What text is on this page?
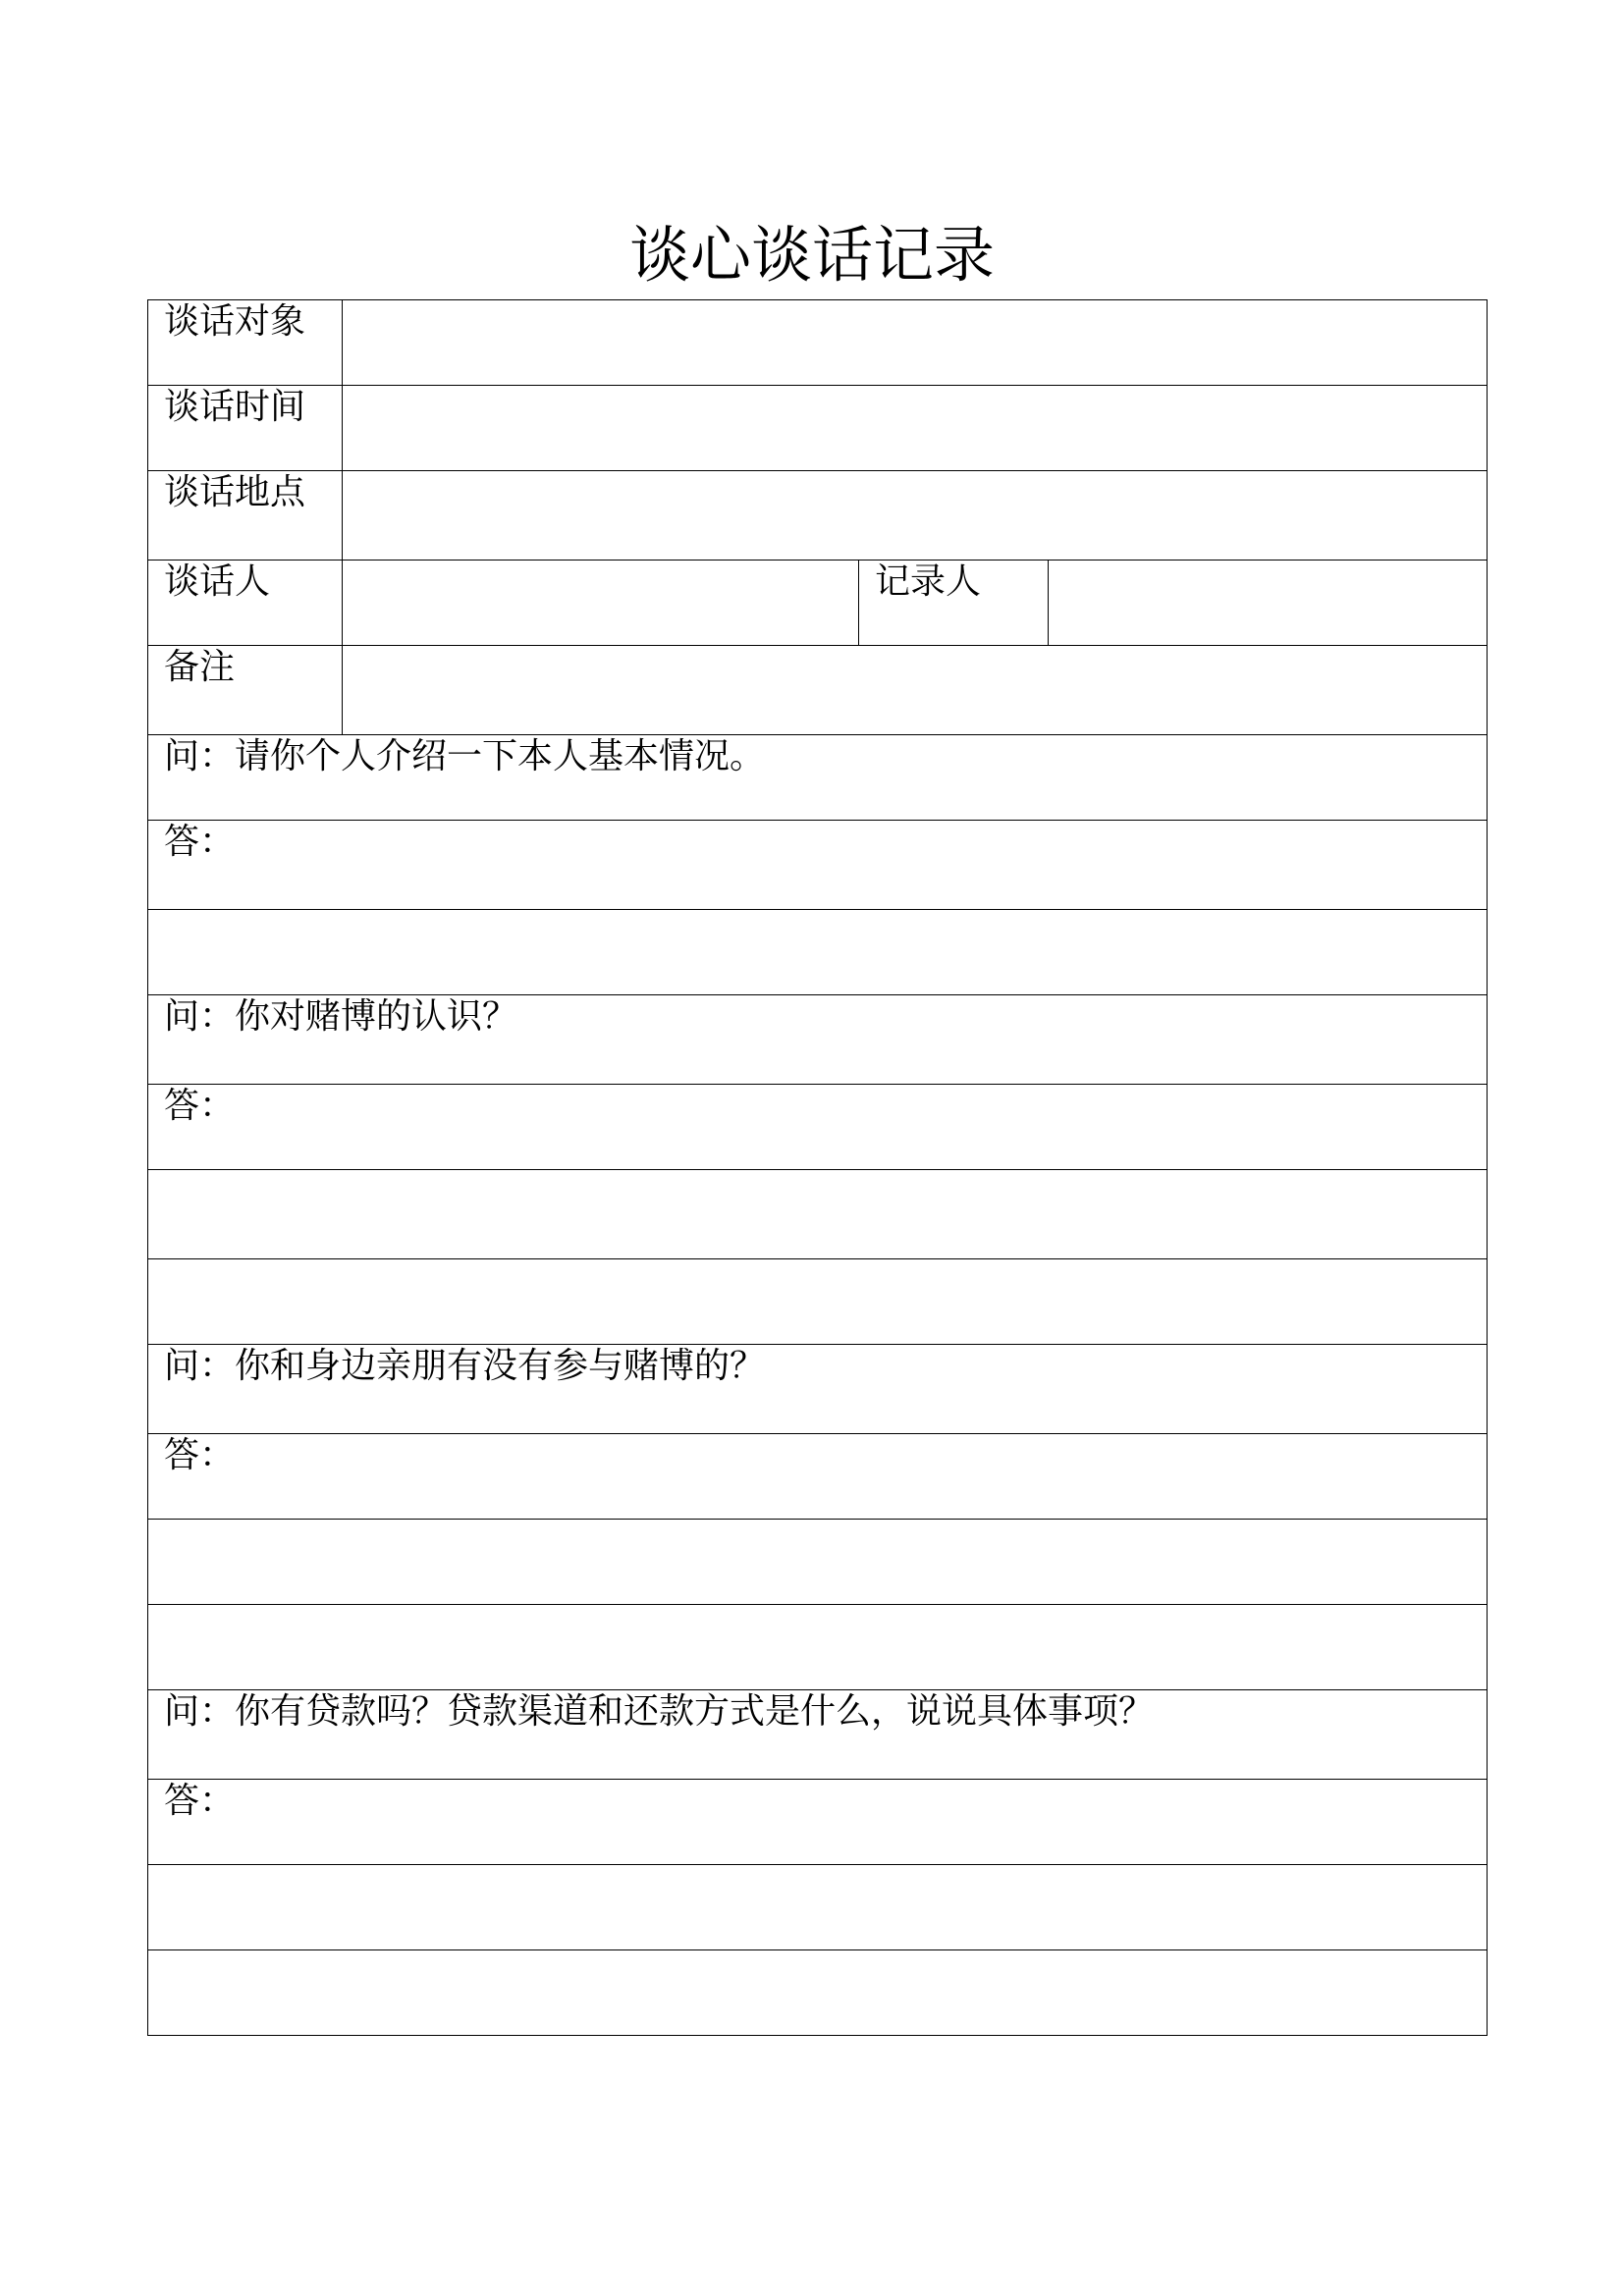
谈心谈话记录
谈话对象			

谈话时间			

谈话地点			

谈话人		记录人	

备注			

问：请你个人介绍一下本人基本情况。			

答：			

问：你对赌博的认识？			

答：			

问：你和身边亲朋有没有参与赌博的？			

答：			

问：你有贷款吗？贷款渠道和还款方式是什么，说说具体事项？			

答：			
